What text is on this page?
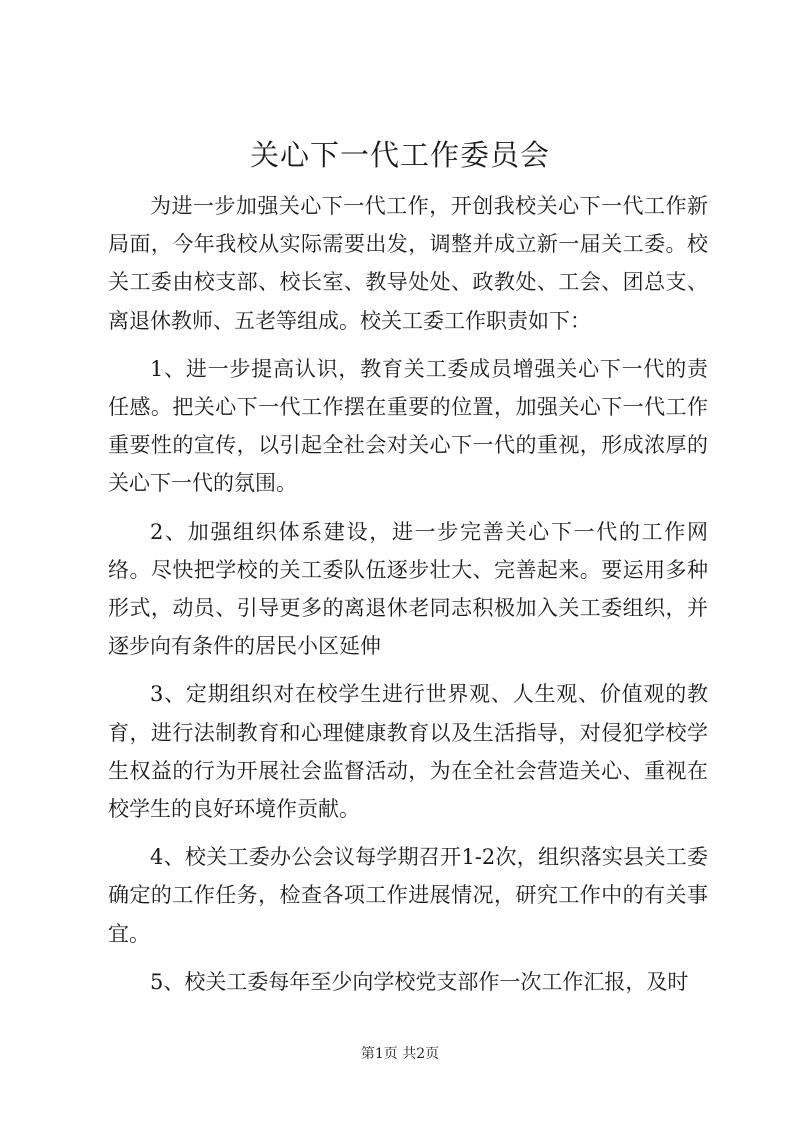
关心下一代工作委员会

为进一步加强关心下一代工作，开创我校关心下一代工作新局面，今年我校从实际需要出发，调整并成立新一届关工委。校关工委由校支部、校长室、教导处处、政教处、工会、团总支、离退休教师、五老等组成。校关工委工作职责如下：

1、进一步提高认识，教育关工委成员增强关心下一代的责任感。把关心下一代工作摆在重要的位置，加强关心下一代工作重要性的宣传，以引起全社会对关心下一代的重视，形成浓厚的关心下一代的氛围。

2、加强组织体系建设，进一步完善关心下一代的工作网络。尽快把学校的关工委队伍逐步壮大、完善起来。要运用多种形式，动员、引导更多的离退休老同志积极加入关工委组织，并逐步向有条件的居民小区延伸

3、定期组织对在校学生进行世界观、人生观、价值观的教育，进行法制教育和心理健康教育以及生活指导，对侵犯学校学生权益的行为开展社会监督活动，为在全社会营造关心、重视在校学生的良好环境作贡献。

4、校关工委办公会议每学期召开1-2次，组织落实县关工委确定的工作任务，检查各项工作进展情况，研究工作中的有关事宜。

5、校关工委每年至少向学校党支部作一次工作汇报，及时

第1页 共2页
